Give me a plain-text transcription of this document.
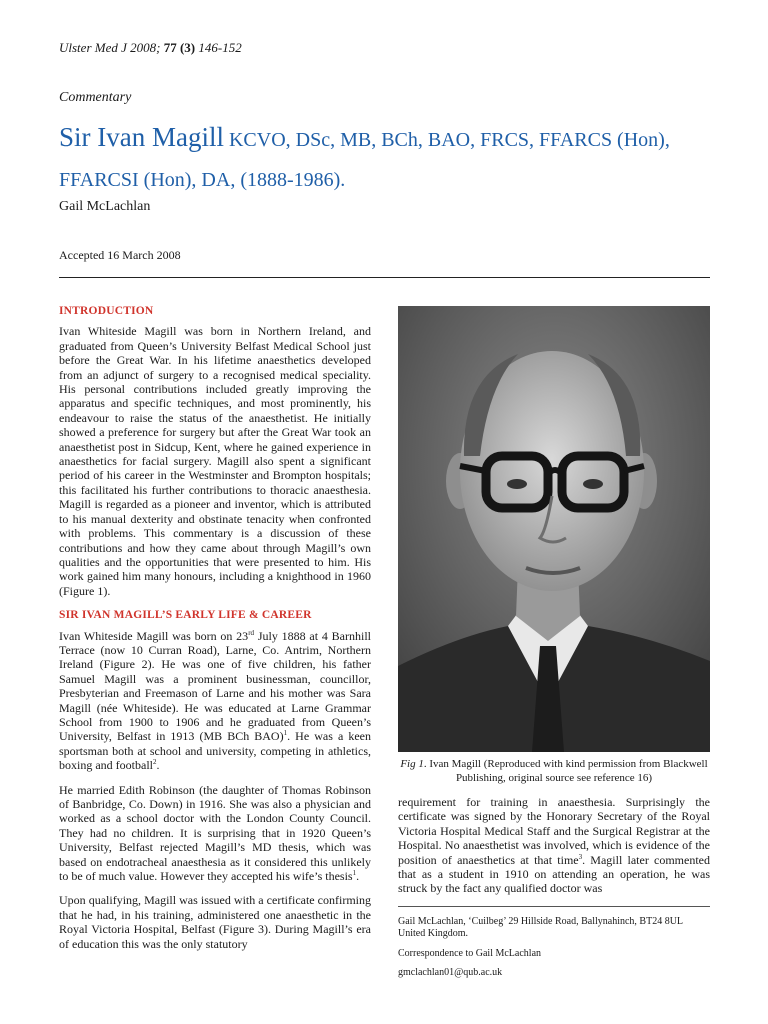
Ulster Med J 2008; 77 (3) 146-152
Commentary
Sir Ivan Magill KCVO, DSc, MB, BCh, BAO, FRCS, FFARCS (Hon),
FFARCSI (Hon), DA, (1888-1986).
Gail McLachlan
Accepted 16 March 2008
INTRODUCTION

Ivan Whiteside Magill was born in Northern Ireland, and graduated from Queen’s University Belfast Medical School just before the Great War. In his lifetime anaesthetics developed from an adjunct of surgery to a recognised medical speciality. His personal contributions included greatly improving the apparatus and specific techniques, and most prominently, his endeavour to raise the status of the anaesthetist. He initially showed a preference for surgery but after the Great War took an anaesthetist post in Sidcup, Kent, where he gained experience in anaesthetics for facial surgery. Magill also spent a significant period of his career in the Westminster and Brompton hospitals; this facilitated his further contributions to thoracic anaesthesia. Magill is regarded as a pioneer and inventor, which is attributed to his manual dexterity and obstinate tenacity when confronted with problems. This commentary is a discussion of these contributions and how they came about through Magill’s own qualities and the opportunities that were presented to him. His work gained him many honours, including a knighthood in 1960 (Figure 1).

SIR IVAN MAGILL’S EARLY LIFE & CAREER

Ivan Whiteside Magill was born on 23rd July 1888 at 4 Barnhill Terrace (now 10 Curran Road), Larne, Co. Antrim, Northern Ireland (Figure 2). He was one of five children, his father Samuel Magill was a prominent businessman, councillor, Presbyterian and Freemason of Larne and his mother was Sara Magill (née Whiteside). He was educated at Larne Grammar School from 1900 to 1906 and he graduated from Queen’s University, Belfast in 1913 (MB BCh BAO)$^1$. He was a keen sportsman both at school and university, competing in athletics, boxing and football$^2$.

He married Edith Robinson (the daughter of Thomas Robinson of Banbridge, Co. Down) in 1916. She was also a physician and worked as a school doctor with the London County Council. They had no children. It is surprising that in 1920 Queen’s University, Belfast rejected Magill’s MD thesis, which was based on endotracheal anaesthesia as it considered this unlikely to be of much value. However they accepted his wife’s thesis$^1$.

Upon qualifying, Magill was issued with a certificate confirming that he had, in his training, administered one anaesthetic in the Royal Victoria Hospital, Belfast (Figure 3). During Magill’s era of education this was the only statutory

Fig 1. Ivan Magill (Reproduced with kind permission from Blackwell Publishing, original source see reference 16)

requirement for training in anaesthesia. Surprisingly the certificate was signed by the Honorary Secretary of the Royal Victoria Hospital Medical Staff and the Surgical Registrar at the Hospital. No anaesthetist was involved, which is evidence of the position of anaesthetics at that time$^3$. Magill later commented that as a student in 1910 on attending an operation, he was struck by the fact any qualified doctor was

Gail McLachlan, ‘Cuilbeg’ 29 Hillside Road, Ballynahinch, BT24 8UL United Kingdom.
Correspondence to Gail McLachlan
gmclachlan01@qub.ac.uk
